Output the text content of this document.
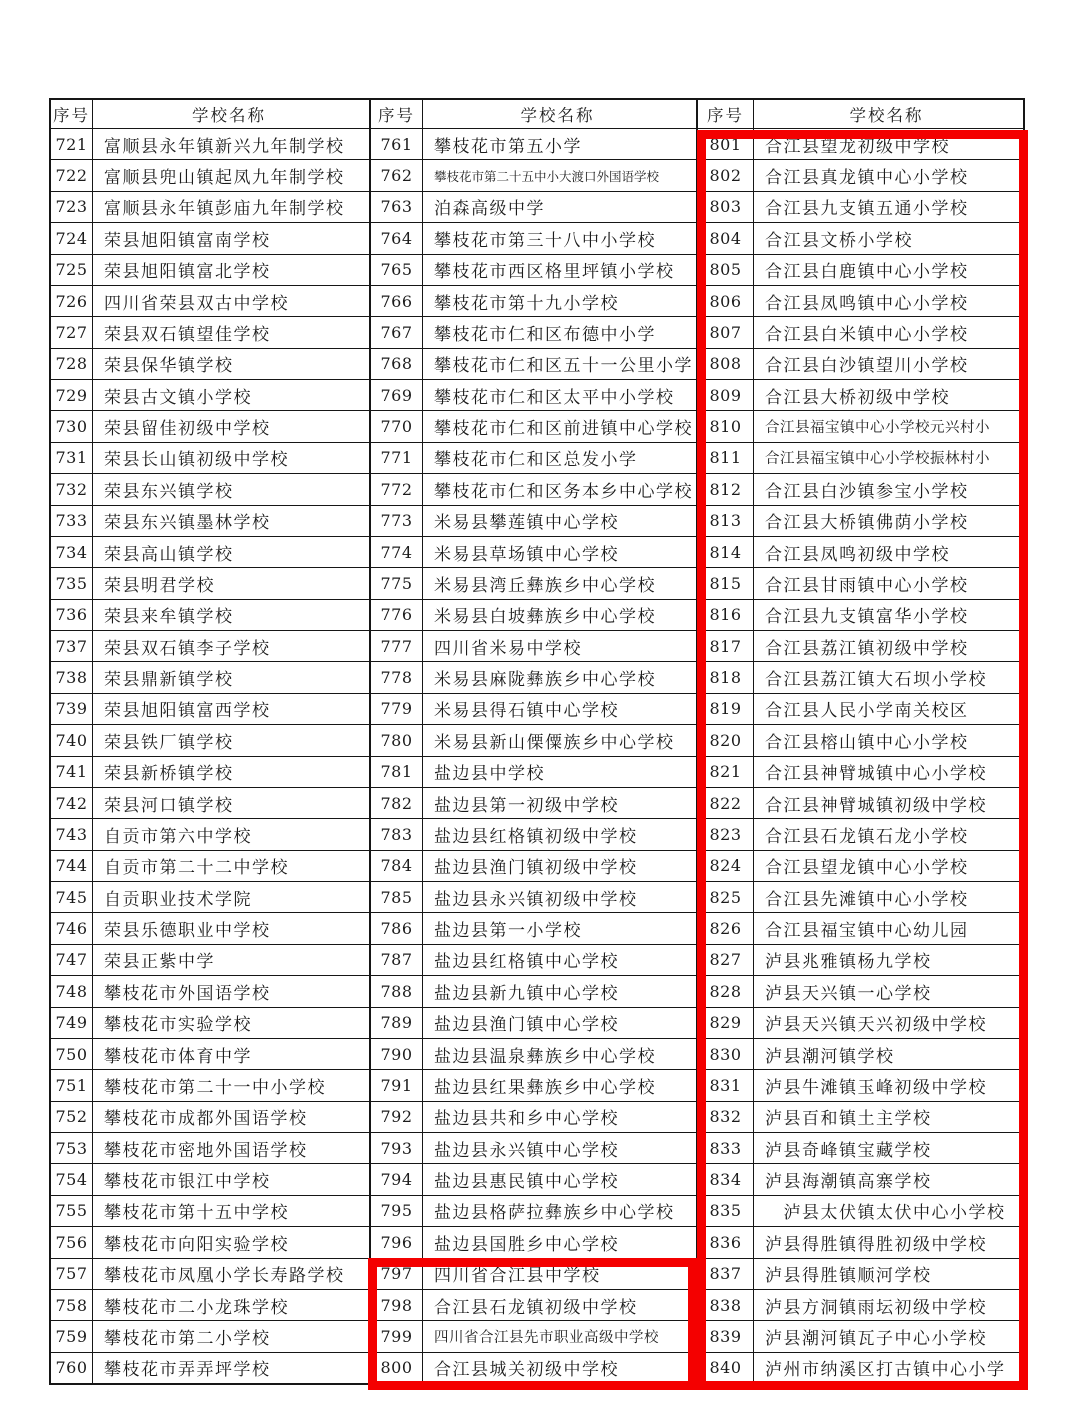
序号	学校名称
721 富顺县永年镇新兴九年制学校
722 富顺县兜山镇起凤九年制学校
723 富顺县永年镇彭庙九年制学校
724 荣县旭阳镇富南学校
725 荣县旭阳镇富北学校
726 四川省荣县双古中学校
727 荣县双石镇望佳学校
728 荣县保华镇学校
729 荣县古文镇小学校
730 荣县留佳初级中学校
731 荣县长山镇初级中学校
732 荣县东兴镇学校
733 荣县东兴镇墨林学校
734 荣县高山镇学校
735 荣县明君学校
736 荣县来牟镇学校
737 荣县双石镇李子学校
738 荣县鼎新镇学校
739 荣县旭阳镇富西学校
740 荣县铁厂镇学校
741 荣县新桥镇学校
742 荣县河口镇学校
743 自贡市第六中学校
744 自贡市第二十二中学校
745 自贡职业技术学院
746 荣县乐德职业中学校
747 荣县正紫中学
748 攀枝花市外国语学校
749 攀枝花市实验学校
750 攀枝花市体育中学
751 攀枝花市第二十一中小学校
752 攀枝花市成都外国语学校
753 攀枝花市密地外国语学校
754 攀枝花市银江中学校
755 攀枝花市第十五中学校
756 攀枝花市向阳实验学校
757 攀枝花市凤凰小学长寿路学校
758 攀枝花市二小龙珠学校
759 攀枝花市第二小学校
760 攀枝花市弄弄坪学校
序号	学校名称
761	攀枝花市第五小学
762	攀枝花市第二十五中小大渡口外国语学校
763	泊森高级中学
764	攀枝花市第三十八中小学校
765	攀枝花市西区格里坪镇小学校
766	攀枝花市第十九小学校
767	攀枝花市仁和区布德中小学
768	攀枝花市仁和区五十一公里小学
769	攀枝花市仁和区太平中小学校
770	攀枝花市仁和区前进镇中心学校
771	攀枝花市仁和区总发小学
772	攀枝花市仁和区务本乡中心学校
773	米易县攀莲镇中心学校
774	米易县草场镇中心学校
775	米易县湾丘彝族乡中心学校
776	米易县白坡彝族乡中心学校
777	四川省米易中学校
778	米易县麻陇彝族乡中心学校
779	米易县得石镇中心学校
780	米易县新山傈僳族乡中心学校
781	盐边县中学校
782	盐边县第一初级中学校
783	盐边县红格镇初级中学校
784	盐边县渔门镇初级中学校
785	盐边县永兴镇初级中学校
786	盐边县第一小学校
787	盐边县红格镇中心学校
788	盐边县新九镇中心学校
789	盐边县渔门镇中心学校
790	盐边县温泉彝族乡中心学校
791	盐边县红果彝族乡中心学校
792	盐边县共和乡中心学校
793	盐边县永兴镇中心学校
794	盐边县惠民镇中心学校
795	盐边县格萨拉彝族乡中心学校
796	盐边县国胜乡中心学校
797	四川省合江县中学校
798	合江县石龙镇初级中学校
799	四川省合江县先市职业高级中学校
800	合江县城关初级中学校
序号	学校名称
801	合江县望龙初级中学校
802	合江县真龙镇中心小学校
803	合江县九支镇五通小学校
804	合江县文桥小学校
805	合江县白鹿镇中心小学校
806	合江县凤鸣镇中心小学校
807	合江县白米镇中心小学校
808	合江县白沙镇望川小学校
809	合江县大桥初级中学校
810	合江县福宝镇中心小学校元兴村小
811	合江县福宝镇中心小学校振林村小
812	合江县白沙镇参宝小学校
813	合江县大桥镇佛荫小学校
814	合江县凤鸣初级中学校
815	合江县甘雨镇中心小学校
816	合江县九支镇富华小学校
817	合江县荔江镇初级中学校
818	合江县荔江镇大石坝小学校
819	合江县人民小学南关校区
820	合江县榕山镇中心小学校
821	合江县神臂城镇中心小学校
822	合江县神臂城镇初级中学校
823	合江县石龙镇石龙小学校
824	合江县望龙镇中心小学校
825	合江县先滩镇中心小学校
826	合江县福宝镇中心幼儿园
827	泸县兆雅镇杨九学校
828	泸县天兴镇一心学校
829	泸县天兴镇天兴初级中学校
830	泸县潮河镇学校
831	泸县牛滩镇玉峰初级中学校
832	泸县百和镇土主学校
833	泸县奇峰镇宝藏学校
834	泸县海潮镇高寨学校
835	　泸县太伏镇太伏中心小学校
836	泸县得胜镇得胜初级中学校
837	泸县得胜镇顺河学校
838	泸县方洞镇雨坛初级中学校
839	泸县潮河镇瓦子中心小学校
840	泸州市纳溪区打古镇中心小学
